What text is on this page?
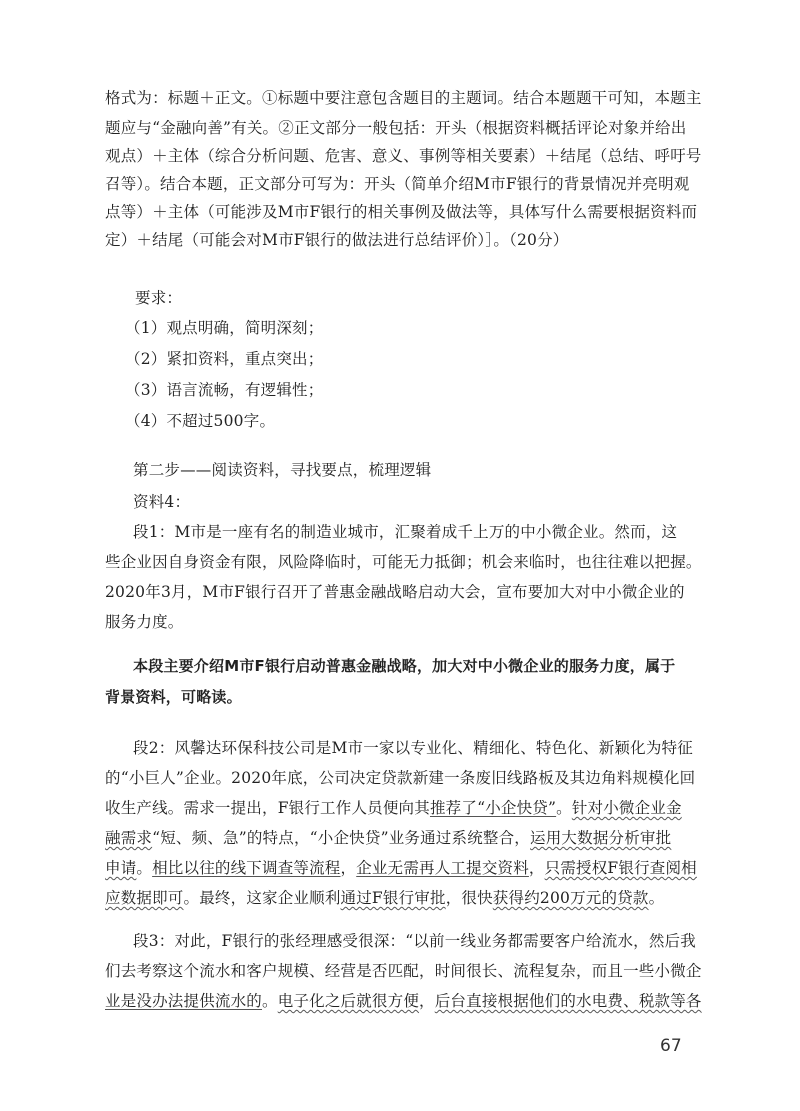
格式为：标题＋正文。①标题中要注意包含题目的主题词。结合本题题干可知，本题主
题应与“金融向善”有关。②正文部分一般包括：开头（根据资料概括评论对象并给出
观点）＋主体（综合分析问题、危害、意义、事例等相关要素）＋结尾（总结、呼吁号
召等）。结合本题，正文部分可写为：开头（简单介绍M市F银行的背景情况并亮明观
点等）＋主体（可能涉及M市F银行的相关事例及做法等，具体写什么需要根据资料而
定）＋结尾（可能会对M市F银行的做法进行总结评价）］。（20分）
要求：
（1）观点明确，简明深刻；
（2）紧扣资料，重点突出；
（3）语言流畅，有逻辑性；
（4）不超过500字。
第二步——阅读资料，寻找要点，梳理逻辑
资料4：
段1：M市是一座有名的制造业城市，汇聚着成千上万的中小微企业。然而，这
些企业因自身资金有限，风险降临时，可能无力抵御；机会来临时，也往往难以把握。
2020年3月，M市F银行召开了普惠金融战略启动大会，宣布要加大对中小微企业的
服务力度。
本段主要介绍M市F银行启动普惠金融战略，加大对中小微企业的服务力度，属于
背景资料，可略读。
段2：风馨达环保科技公司是M市一家以专业化、精细化、特色化、新颖化为特征
的“小巨人”企业。2020年底，公司决定贷款新建一条废旧线路板及其边角料规模化回
收生产线。需求一提出，F银行工作人员便向其推荐了“小企快贷”。针对小微企业金
融需求“短、频、急”的特点，“小企快贷”业务通过系统整合，运用大数据分析审批
申请。相比以往的线下调查等流程，企业无需再人工提交资料，只需授权F银行查阅相
应数据即可。最终，这家企业顺利通过F银行审批，很快获得约200万元的贷款。
段3：对此，F银行的张经理感受很深：“以前一线业务都需要客户给流水，然后我
们去考察这个流水和客户规模、经营是否匹配，时间很长、流程复杂，而且一些小微企
业是没办法提供流水的。电子化之后就很方便，后台直接根据他们的水电费、税款等各
67
